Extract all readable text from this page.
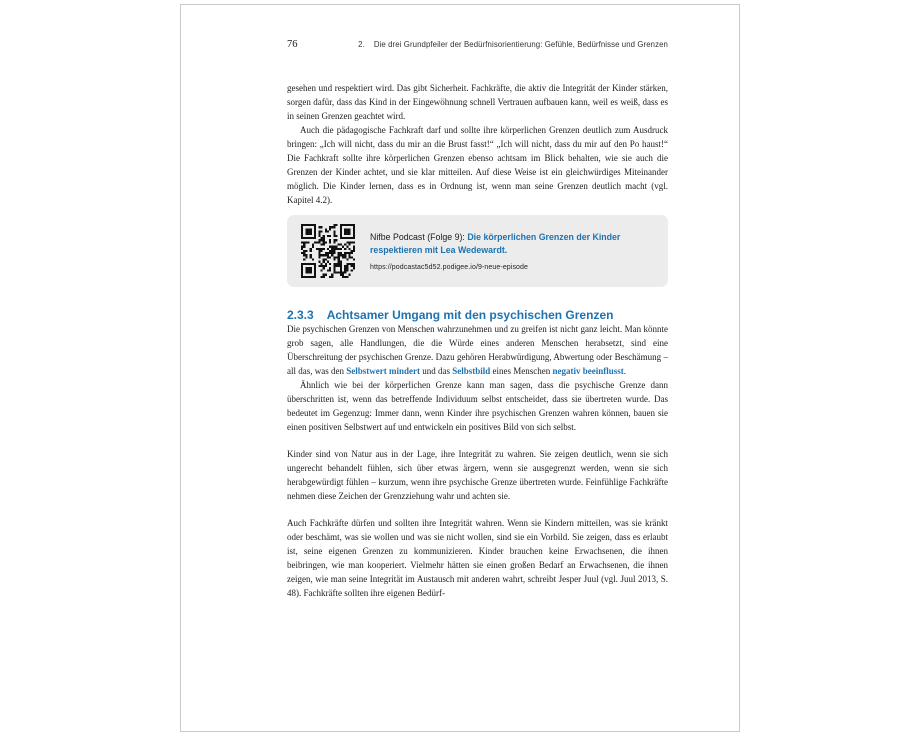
76	2. Die drei Grundpfeiler der Bedürfnisorientierung: Gefühle, Bedürfnisse und Grenzen

gesehen und respektiert wird. Das gibt Sicherheit. Fachkräfte, die aktiv die Integrität der Kinder stärken, sorgen dafür, dass das Kind in der Eingewöhnung schnell Vertrauen aufbauen kann, weil es weiß, dass es in seinen Grenzen geachtet wird.

Auch die pädagogische Fachkraft darf und sollte ihre körperlichen Grenzen deutlich zum Ausdruck bringen: „Ich will nicht, dass du mir an die Brust fasst!“ „Ich will nicht, dass du mir auf den Po haust!“ Die Fachkraft sollte ihre körperlichen Grenzen ebenso achtsam im Blick behalten, wie sie auch die Grenzen der Kinder achtet, und sie klar mitteilen. Auf diese Weise ist ein gleichwürdiges Miteinander möglich. Die Kinder lernen, dass es in Ordnung ist, wenn man seine Grenzen deutlich macht (vgl. Kapitel 4.2).

Nifbe Podcast (Folge 9): Die körperlichen Grenzen der Kinder respektieren mit Lea Wedewardt.

https://podcastac5d52.podigee.io/9-neue-episode

2.3.3 Achtsamer Umgang mit den psychischen Grenzen

Die psychischen Grenzen von Menschen wahrzunehmen und zu greifen ist nicht ganz leicht. Man könnte grob sagen, alle Handlungen, die die Würde eines anderen Menschen herabsetzt, sind eine Überschreitung der psychischen Grenze. Dazu gehören Herabwürdigung, Abwertung oder Beschämung – all das, was den Selbstwert mindert und das Selbstbild eines Menschen negativ beeinflusst.

Ähnlich wie bei der körperlichen Grenze kann man sagen, dass die psychische Grenze dann überschritten ist, wenn das betreffende Individuum selbst entscheidet, dass sie übertreten wurde. Das bedeutet im Gegenzug: Immer dann, wenn Kinder ihre psychischen Grenzen wahren können, bauen sie einen positiven Selbstwert auf und entwickeln ein positives Bild von sich selbst.

Kinder sind von Natur aus in der Lage, ihre Integrität zu wahren. Sie zeigen deutlich, wenn sie sich ungerecht behandelt fühlen, sich über etwas ärgern, wenn sie ausgegrenzt werden, wenn sie sich herabgewürdigt fühlen – kurzum, wenn ihre psychische Grenze übertreten wurde. Feinfühlige Fachkräfte nehmen diese Zeichen der Grenzziehung wahr und achten sie.

Auch Fachkräfte dürfen und sollten ihre Integrität wahren. Wenn sie Kindern mitteilen, was sie kränkt oder beschämt, was sie wollen und was sie nicht wollen, sind sie ein Vorbild. Sie zeigen, dass es erlaubt ist, seine eigenen Grenzen zu kommunizieren. Kinder brauchen keine Erwachsenen, die ihnen beibringen, wie man kooperiert. Vielmehr hätten sie einen großen Bedarf an Erwachsenen, die ihnen zeigen, wie man seine Integrität im Austausch mit anderen wahrt, schreibt Jesper Juul (vgl. Juul 2013, S. 48). Fachkräfte sollten ihre eigenen Bedürf-
